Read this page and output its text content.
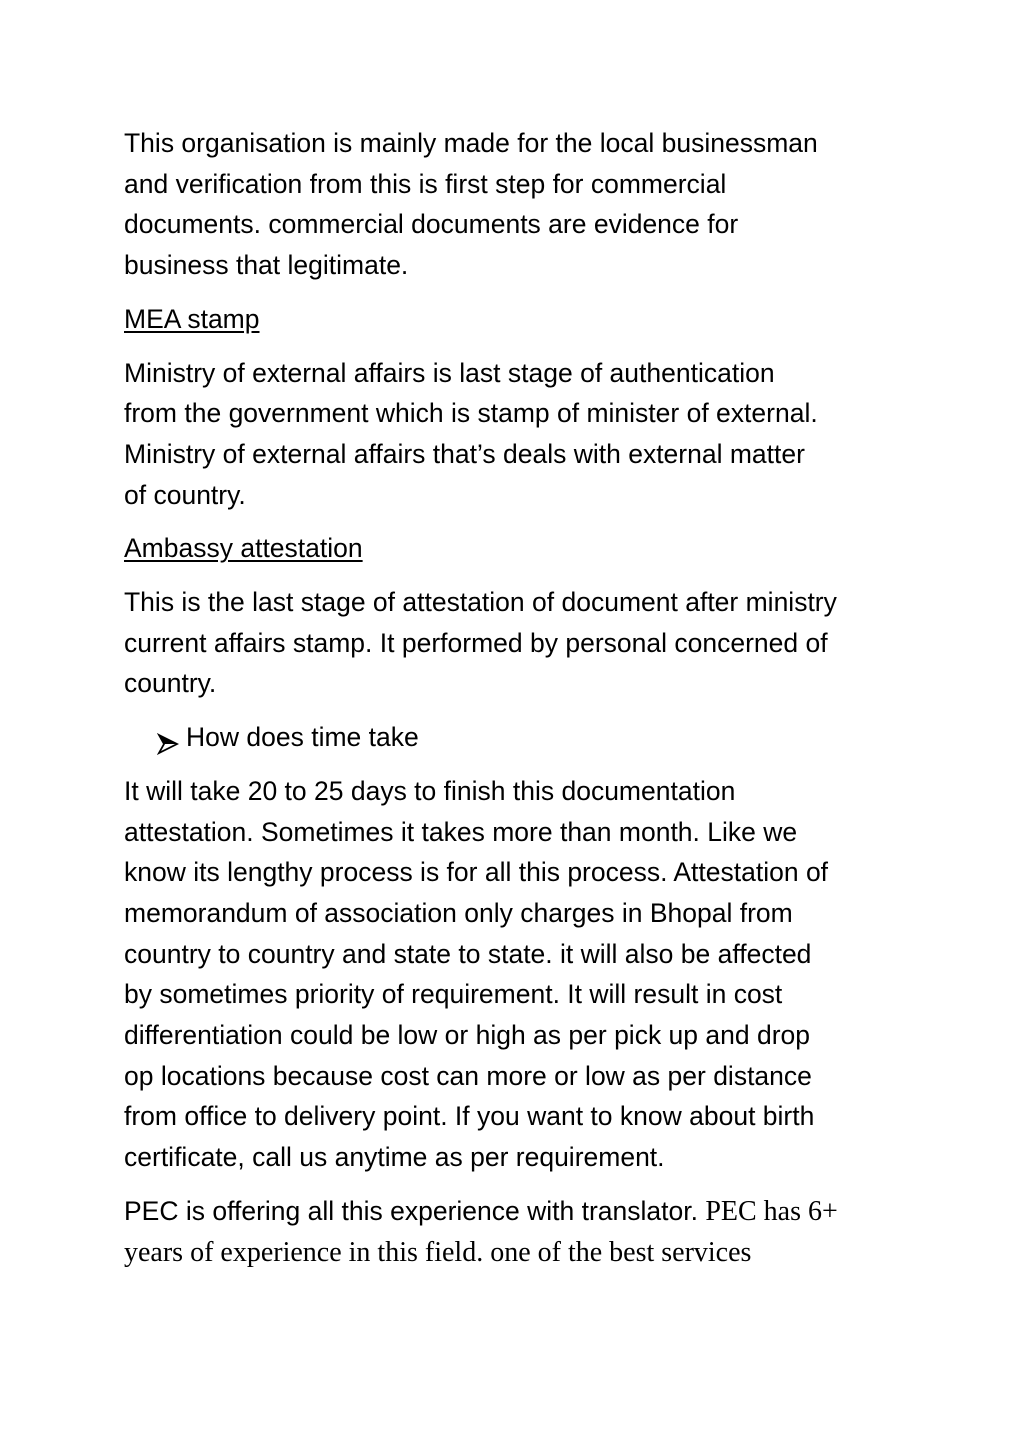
This organisation is mainly made for the local businessman
and verification from this is first step for commercial
documents. commercial documents are evidence for
business that legitimate.

MEA stamp

Ministry of external affairs is last stage of authentication
from the government which is stamp of minister of external.
Ministry of external affairs that’s deals with external matter
of country.

Ambassy attestation

This is the last stage of attestation of document after ministry
current affairs stamp. It performed by personal concerned of
country.

How does time take

It will take 20 to 25 days to finish this documentation
attestation. Sometimes it takes more than month. Like we
know its lengthy process is for all this process. Attestation of
memorandum of association only charges in Bhopal from
country to country and state to state. it will also be affected
by sometimes priority of requirement. It will result in cost
differentiation could be low or high as per pick up and drop
op locations because cost can more or low as per distance
from office to delivery point. If you want to know about birth
certificate, call us anytime as per requirement.

PEC is offering all this experience with translator. PEC has 6+
years of experience in this field. one of the best services
